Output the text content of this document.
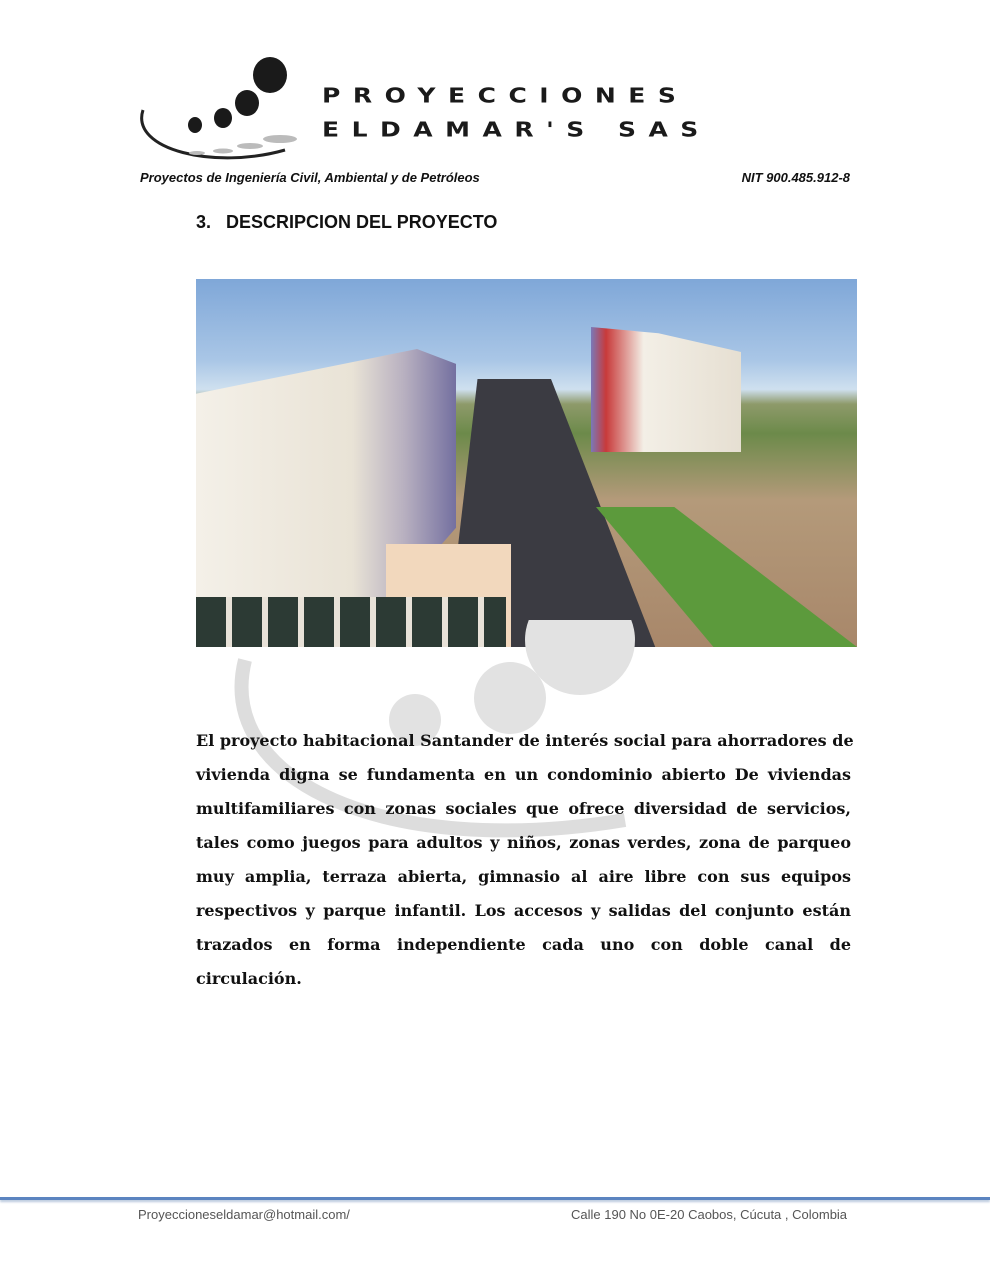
PROYECCIONES
ELDAMAR'S SAS
Proyectos de Ingeniería Civil, Ambiental y de Petróleos	NIT 900.485.912-8
3. DESCRIPCION DEL PROYECTO
El proyecto habitacional Santander de interés social para ahorradores de
vivienda digna se fundamenta en un condominio abierto De viviendas
multifamiliares con zonas sociales que ofrece diversidad de servicios,
tales como juegos para adultos y niños, zonas verdes, zona de parqueo
muy amplia, terraza abierta, gimnasio al aire libre con sus equipos
respectivos y parque infantil. Los accesos y salidas del conjunto están
trazados en forma independiente cada uno con doble canal de
circulación.
Proyeccioneseldamar@hotmail.com/	Calle 190 No 0E-20 Caobos, Cúcuta , Colombia
